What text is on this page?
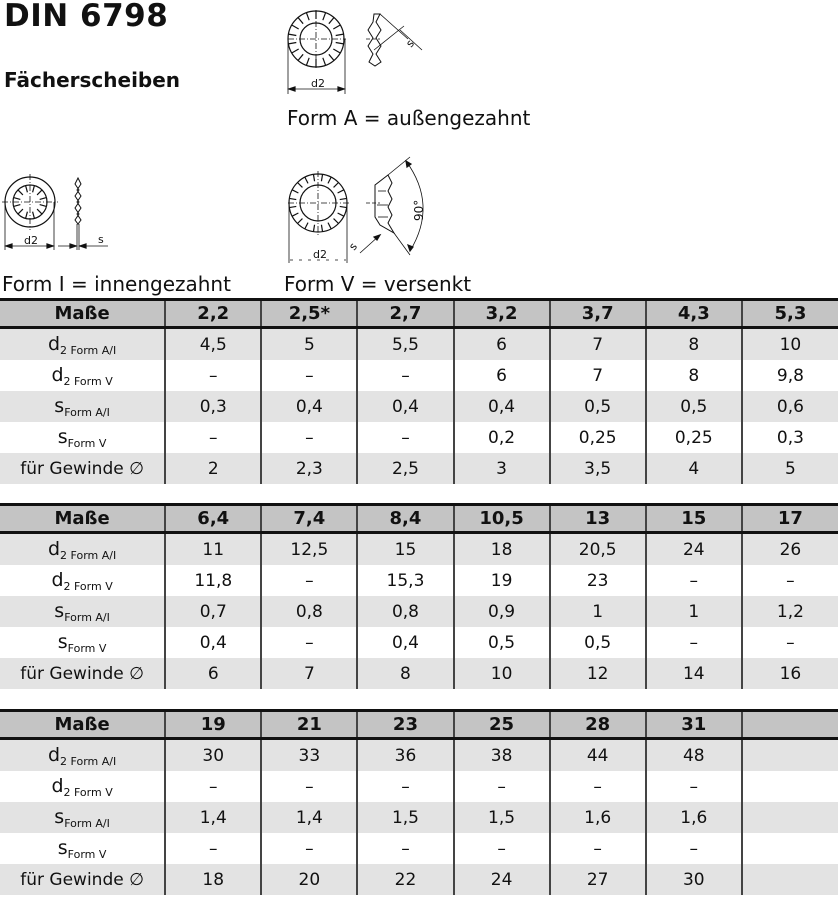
DIN 6798
Fächerscheiben	d2
s
Form A = außengezahnt
d2	s
Form I = innengezahnt
d2
s
90°
Form V = versenkt
Maße	2,2	2,5*	2,7	3,2	3,7	4,3	5,3
$d_2$ $_{Form A/I}$	4,5	5	5,5	6	7	8	10
$d_2$ $_{Form V}$	–	–	–	6	7	8	9,8
$s_{Form A/I}$	0,3	0,4	0,4	0,4	0,5	0,5	0,6
$s_{Form V}$	–	–	–	0,2	0,25	0,25	0,3
für Gewinde ∅	2	2,3	2,5	3	3,5	4	5
Maße	6,4	7,4	8,4	10,5	13	15	17
$d_2$ $_{Form A/I}$	11	12,5	15	18	20,5	24	26
$d_2$ $_{Form V}$	11,8	–	15,3	19	23	–	–
$s_{Form A/I}$	0,7	0,8	0,8	0,9	1	1	1,2
$s_{Form V}$	0,4	–	0,4	0,5	0,5	–	–
für Gewinde ∅	6	7	8	10	12	14	16
Maße	19	21	23	25	28	31	
$d_2$ $_{Form A/I}$	30	33	36	38	44	48	
$d_2$ $_{Form V}$	–	–	–	–	–	–	
$s_{Form A/I}$	1,4	1,4	1,5	1,5	1,6	1,6	
$s_{Form V}$	–	–	–	–	–	–	
für Gewinde ∅	18	20	22	24	27	30	
